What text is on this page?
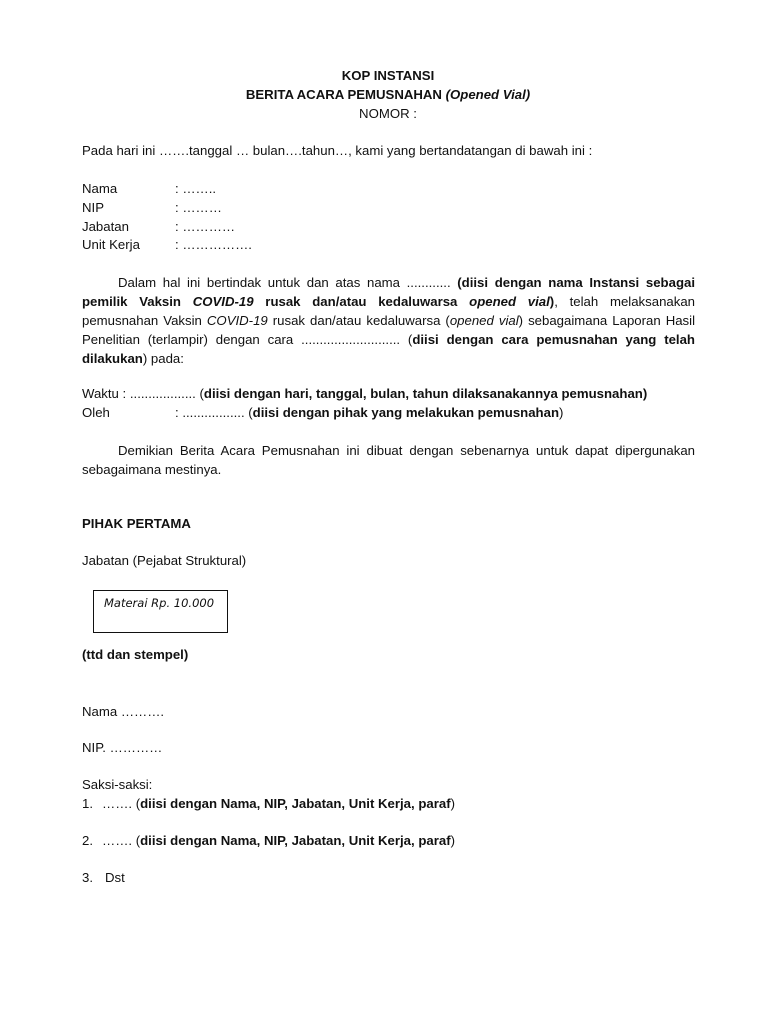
KOP INSTANSI
BERITA ACARA PEMUSNAHAN (Opened Vial)
NOMOR :
Pada hari ini …….tanggal … bulan….tahun…, kami yang bertandatangan di bawah ini :
Nama	: ……..
NIP	: ………
Jabatan	: …………
Unit Kerja	: …………….
Dalam hal ini bertindak untuk dan atas nama ............ (diisi dengan nama Instansi sebagai pemilik Vaksin COVID-19 rusak dan/atau kedaluwarsa opened vial), telah melaksanakan pemusnahan Vaksin COVID-19 rusak dan/atau kedaluwarsa (opened vial) sebagaimana Laporan Hasil Penelitian (terlampir) dengan cara ........................... (diisi dengan cara pemusnahan yang telah dilakukan) pada:
Waktu : .................. (diisi dengan hari, tanggal, bulan, tahun dilaksanakannya pemusnahan)
Oleh	: ................. (diisi dengan pihak yang melakukan pemusnahan)
Demikian Berita Acara Pemusnahan ini dibuat dengan sebenarnya untuk dapat dipergunakan sebagaimana mestinya.
PIHAK PERTAMA
Jabatan (Pejabat Struktural)
Materai Rp. 10.000
(ttd dan stempel)
Nama ……….
NIP. …………
Saksi-saksi:
1. ……. (diisi dengan Nama, NIP, Jabatan, Unit Kerja, paraf)
2. ……. (diisi dengan Nama, NIP, Jabatan, Unit Kerja, paraf)
3. Dst
